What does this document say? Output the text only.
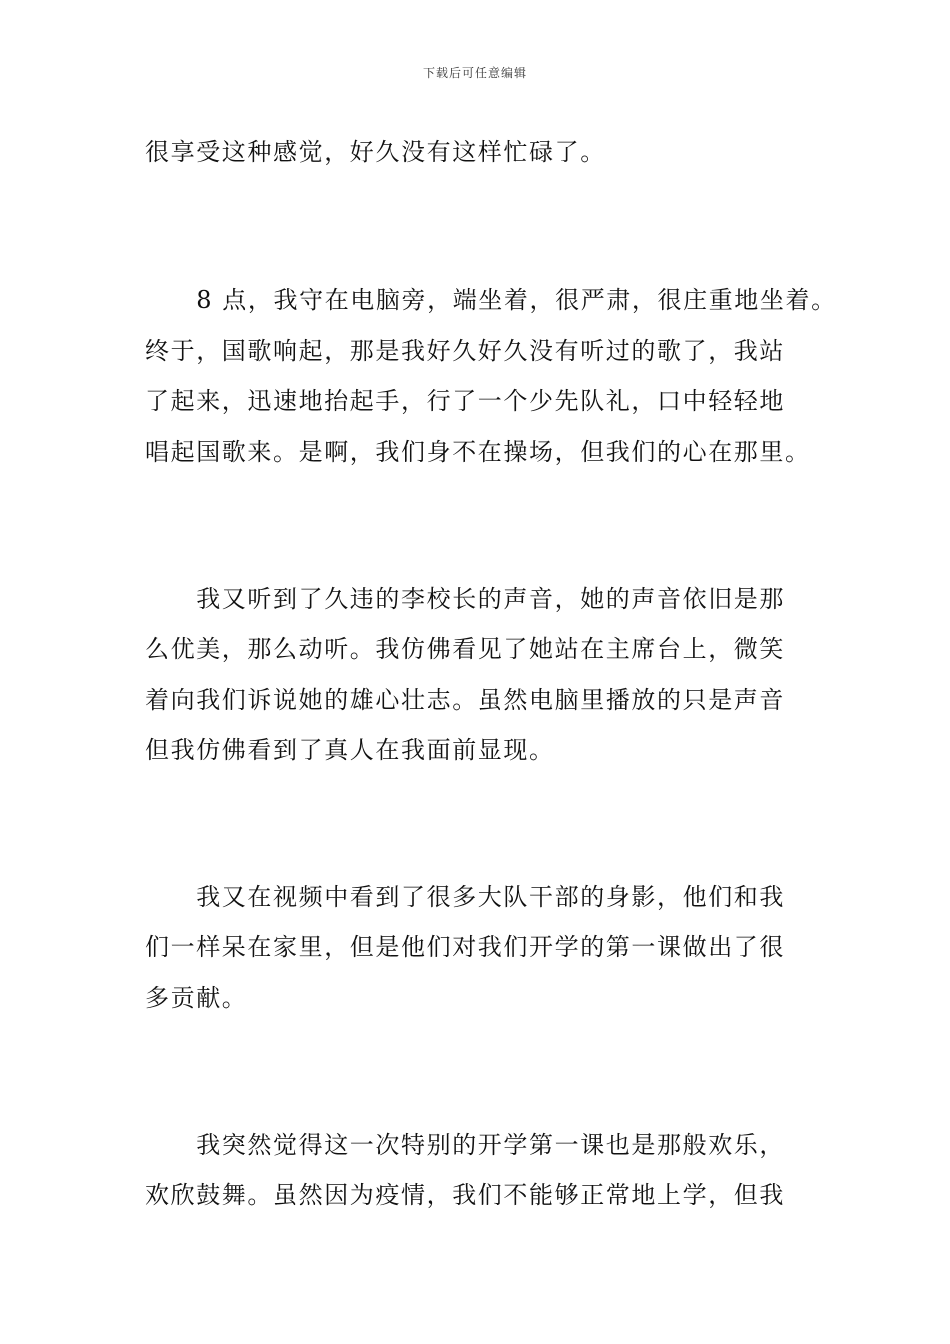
下载后可任意编辑
很享受这种感觉，好久没有这样忙碌了。
　　8 点，我守在电脑旁，端坐着，很严肃，很庄重地坐着。
终于，国歌响起，那是我好久好久没有听过的歌了，我站
了起来，迅速地抬起手，行了一个少先队礼，口中轻轻地
唱起国歌来。是啊，我们身不在操场，但我们的心在那里。
　　我又听到了久违的李校长的声音，她的声音依旧是那
么优美，那么动听。我仿佛看见了她站在主席台上，微笑
着向我们诉说她的雄心壮志。虽然电脑里播放的只是声音
但我仿佛看到了真人在我面前显现。
　　我又在视频中看到了很多大队干部的身影，他们和我
们一样呆在家里，但是他们对我们开学的第一课做出了很
多贡献。
　　我突然觉得这一次特别的开学第一课也是那般欢乐，
欢欣鼓舞。虽然因为疫情，我们不能够正常地上学，但我
